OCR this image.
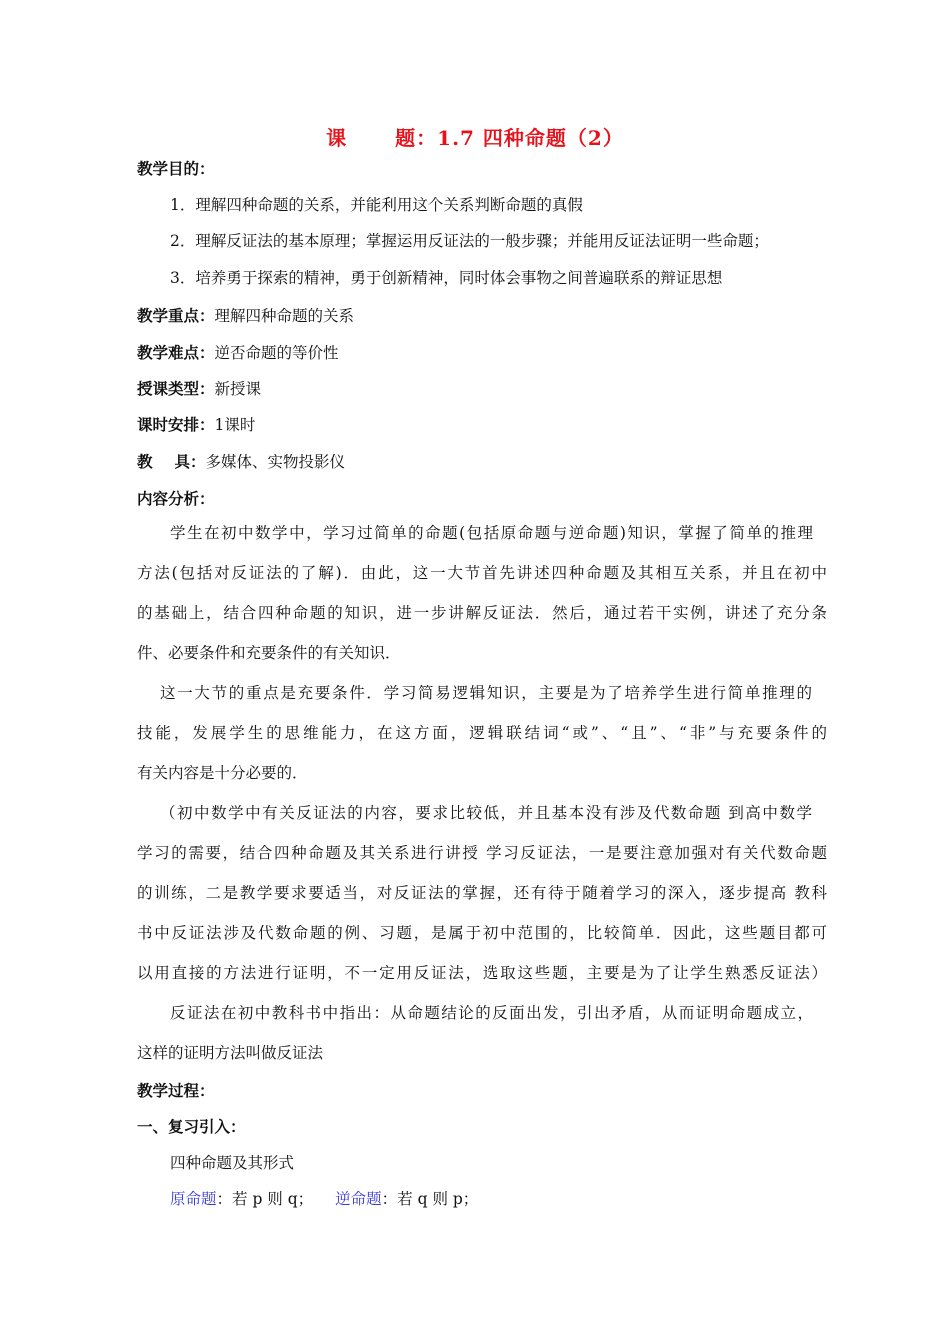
课 题：1.7 四种命题（2）
教学目的：
1．理解四种命题的关系，并能利用这个关系判断命题的真假
2．理解反证法的基本原理；掌握运用反证法的一般步骤；并能用反证法证明一些命题；
3．培养勇于探索的精神，勇于创新精神，同时体会事物之间普遍联系的辩证思想
教学重点：理解四种命题的关系
教学难点：逆否命题的等价性
授课类型：新授课
课时安排：1课时
教 具：多媒体、实物投影仪
内容分析：
学生在初中数学中，学习过简单的命题(包括原命题与逆命题)知识，掌握了简单的推理
方法(包括对反证法的了解)．由此，这一大节首先讲述四种命题及其相互关系，并且在初中
的基础上，结合四种命题的知识，进一步讲解反证法．然后，通过若干实例，讲述了充分条
件、必要条件和充要条件的有关知识．
这一大节的重点是充要条件．学习简易逻辑知识，主要是为了培养学生进行简单推理的
技能，发展学生的思维能力，在这方面，逻辑联结词“或”、“且”、“非”与充要条件的
有关内容是十分必要的．
（初中数学中有关反证法的内容，要求比较低，并且基本没有涉及代数命题 到高中数学
学习的需要，结合四种命题及其关系进行讲授 学习反证法，一是要注意加强对有关代数命题
的训练，二是教学要求要适当，对反证法的掌握，还有待于随着学习的深入，逐步提高 教科
书中反证法涉及代数命题的例、习题，是属于初中范围的，比较简单．因此，这些题目都可
以用直接的方法进行证明，不一定用反证法，选取这些题，主要是为了让学生熟悉反证法）
反证法在初中教科书中指出：从命题结论的反面出发，引出矛盾，从而证明命题成立，
这样的证明方法叫做反证法
教学过程：
一、复习引入：
四种命题及其形式
原命题：若 p 则 q； 逆命题：若 q 则 p；
